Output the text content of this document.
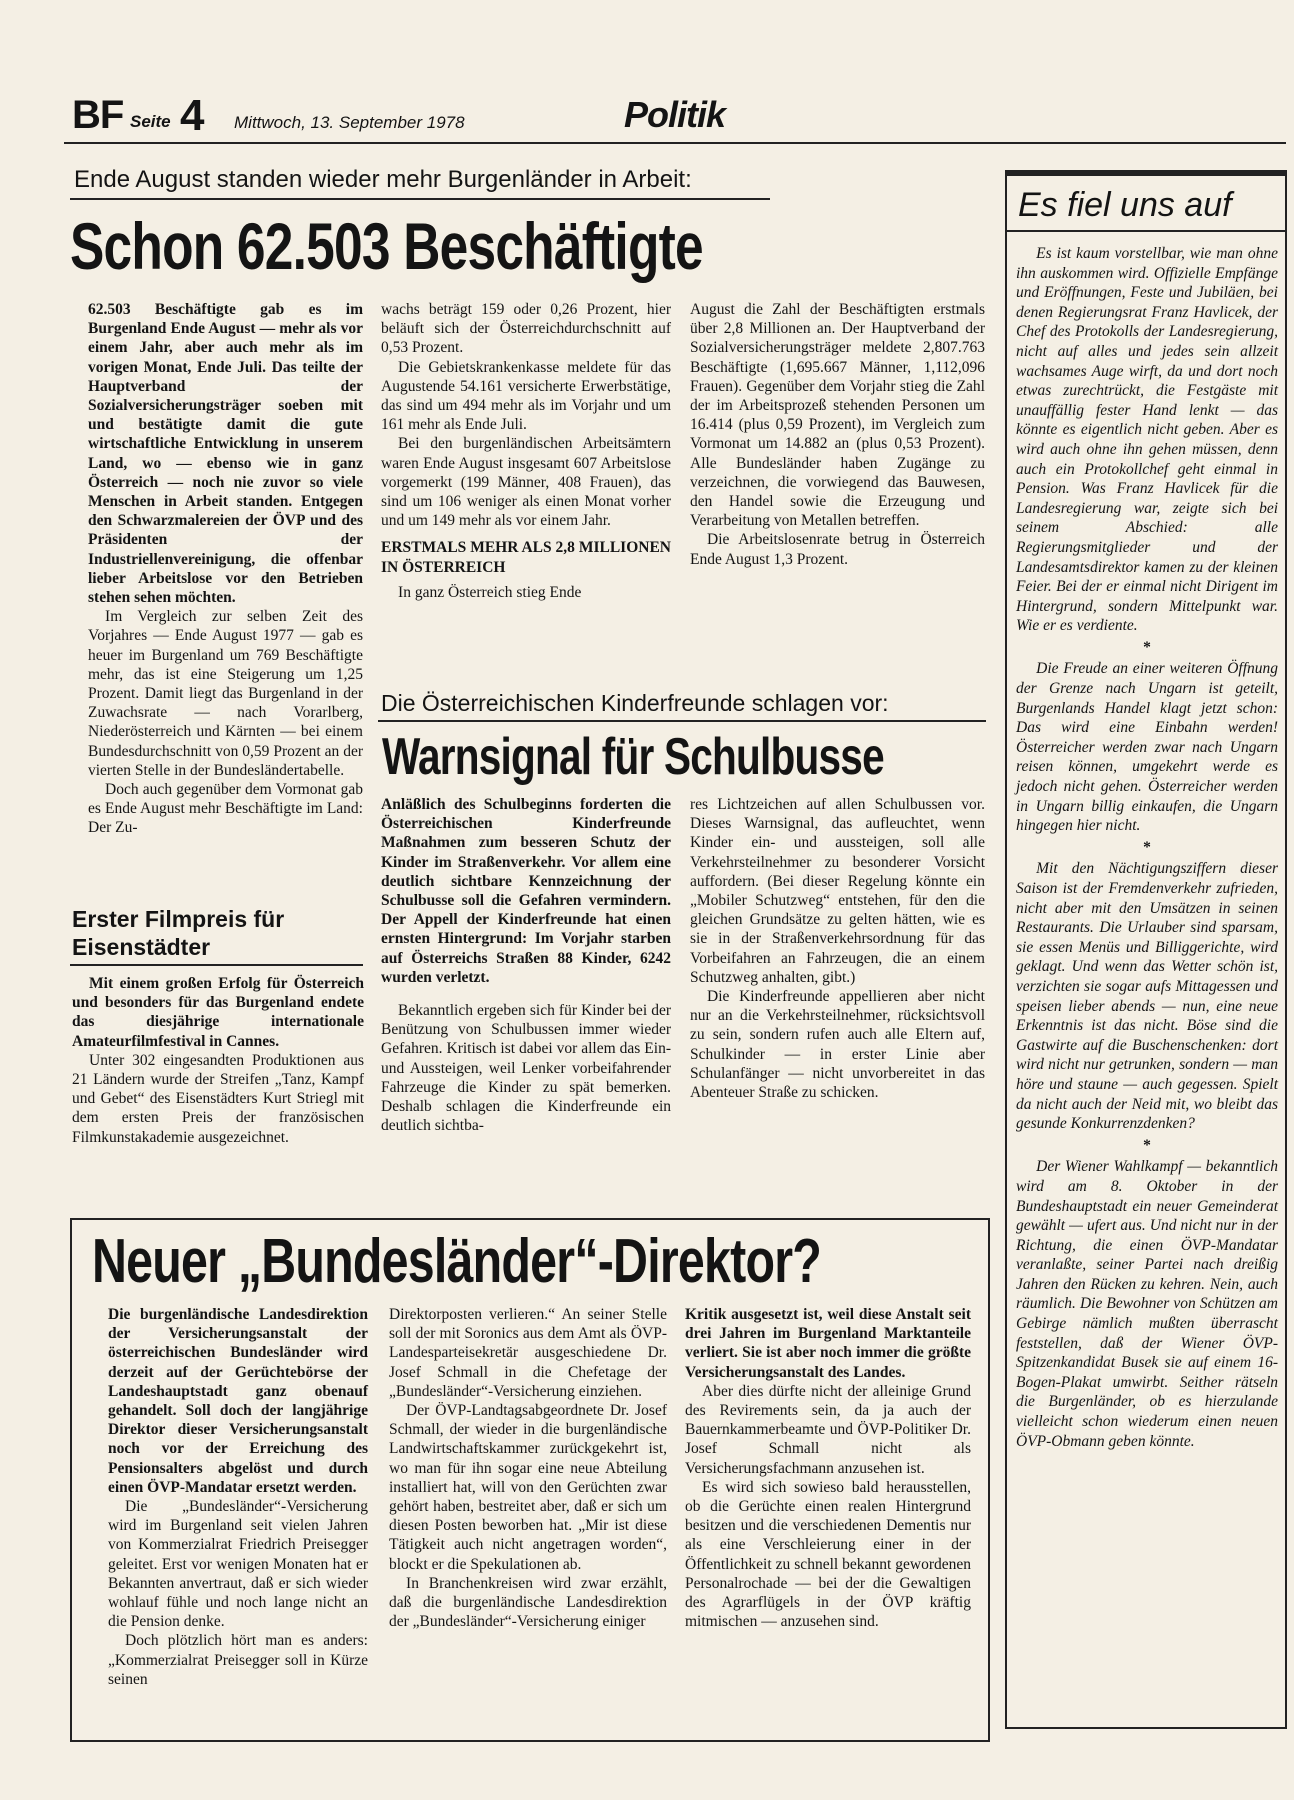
BF Seite 4 Mittwoch, 13. September 1978	Politik
Ende August standen wieder mehr Burgenländer in Arbeit:
Schon 62.503 Beschäftigte

62.503 Beschäftigte gab es im Burgenland Ende August — mehr als vor einem Jahr, aber auch mehr als im vorigen Monat, Ende Juli. Das teilte der Hauptverband der Sozialversicherungsträger soeben mit und bestätigte damit die gute wirtschaftliche Entwicklung in unserem Land, wo — ebenso wie in ganz Österreich — noch nie zuvor so viele Menschen in Arbeit standen. Entgegen den Schwarzmalereien der ÖVP und des Präsidenten der Industriellenvereinigung, die offenbar lieber Arbeitslose vor den Betrieben stehen sehen möchten.

Im Vergleich zur selben Zeit des Vorjahres — Ende August 1977 — gab es heuer im Burgenland um 769 Beschäftigte mehr, das ist eine Steigerung um 1,25 Prozent. Damit liegt das Burgenland in der Zuwachsrate — nach Vorarlberg, Niederösterreich und Kärnten — bei einem Bundesdurchschnitt von 0,59 Prozent an der vierten Stelle in der Bundesländertabelle.

Doch auch gegenüber dem Vormonat gab es Ende August mehr Beschäftigte im Land: Der Zu-

wachs beträgt 159 oder 0,26 Prozent, hier beläuft sich der Österreichdurchschnitt auf 0,53 Prozent.

Die Gebietskrankenkasse meldete für das Augustende 54.161 versicherte Erwerbstätige, das sind um 494 mehr als im Vorjahr und um 161 mehr als Ende Juli.

Bei den burgenländischen Arbeitsämtern waren Ende August insgesamt 607 Arbeitslose vorgemerkt (199 Männer, 408 Frauen), das sind um 106 weniger als einen Monat vorher und um 149 mehr als vor einem Jahr.

ERSTMALS MEHR ALS 2,8 MILLIONEN IN ÖSTERREICH

In ganz Österreich stieg Ende

August die Zahl der Beschäftigten erstmals über 2,8 Millionen an. Der Hauptverband der Sozialversicherungsträger meldete 2,807.763 Beschäftigte (1,695.667 Männer, 1,112,096 Frauen). Gegenüber dem Vorjahr stieg die Zahl der im Arbeitsprozeß stehenden Personen um 16.414 (plus 0,59 Prozent), im Vergleich zum Vormonat um 14.882 an (plus 0,53 Prozent). Alle Bundesländer haben Zugänge zu verzeichnen, die vorwiegend das Bauwesen, den Handel sowie die Erzeugung und Verarbeitung von Metallen betreffen.

Die Arbeitslosenrate betrug in Österreich Ende August 1,3 Prozent.

Erster Filmpreis für Eisenstädter

Mit einem großen Erfolg für Österreich und besonders für das Burgenland endete das diesjährige internationale Amateurfilmfestival in Cannes.

Unter 302 eingesandten Produktionen aus 21 Ländern wurde der Streifen „Tanz, Kampf und Gebet“ des Eisenstädters Kurt Striegl mit dem ersten Preis der französischen Filmkunstakademie ausgezeichnet.

Die Österreichischen Kinderfreunde schlagen vor:
Warnsignal für Schulbusse

Anläßlich des Schulbeginns forderten die Österreichischen Kinderfreunde Maßnahmen zum besseren Schutz der Kinder im Straßenverkehr. Vor allem eine deutlich sichtbare Kennzeichnung der Schulbusse soll die Gefahren vermindern. Der Appell der Kinderfreunde hat einen ernsten Hintergrund: Im Vorjahr starben auf Österreichs Straßen 88 Kinder, 6242 wurden verletzt.

Bekanntlich ergeben sich für Kinder bei der Benützung von Schulbussen immer wieder Gefahren. Kritisch ist dabei vor allem das Ein- und Aussteigen, weil Lenker vorbeifahrender Fahrzeuge die Kinder zu spät bemerken. Deshalb schlagen die Kinderfreunde ein deutlich sichtba-

res Lichtzeichen auf allen Schulbussen vor. Dieses Warnsignal, das aufleuchtet, wenn Kinder ein- und aussteigen, soll alle Verkehrsteilnehmer zu besonderer Vorsicht auffordern. (Bei dieser Regelung könnte ein „Mobiler Schutzweg“ entstehen, für den die gleichen Grundsätze zu gelten hätten, wie es sie in der Straßenverkehrsordnung für das Vorbeifahren an Fahrzeugen, die an einem Schutzweg anhalten, gibt.)

Die Kinderfreunde appellieren aber nicht nur an die Verkehrsteilnehmer, rücksichtsvoll zu sein, sondern rufen auch alle Eltern auf, Schulkinder — in erster Linie aber Schulanfänger — nicht unvorbereitet in das Abenteuer Straße zu schicken.

Neuer „Bundesländer“-Direktor?

Die burgenländische Landesdirektion der Versicherungsanstalt der österreichischen Bundesländer wird derzeit auf der Gerüchtebörse der Landeshauptstadt ganz obenauf gehandelt. Soll doch der langjährige Direktor dieser Versicherungsanstalt noch vor der Erreichung des Pensionsalters abgelöst und durch einen ÖVP-Mandatar ersetzt werden.

Die „Bundesländer“-Versicherung wird im Burgenland seit vielen Jahren von Kommerzialrat Friedrich Preisegger geleitet. Erst vor wenigen Monaten hat er Bekannten anvertraut, daß er sich wieder wohlauf fühle und noch lange nicht an die Pension denke.

Doch plötzlich hört man es anders: „Kommerzialrat Preisegger soll in Kürze seinen

Direktorposten verlieren.“ An seiner Stelle soll der mit Soronics aus dem Amt als ÖVP-Landesparteisekretär ausgeschiedene Dr. Josef Schmall in die Chefetage der „Bundesländer“-Versicherung einziehen.

Der ÖVP-Landtagsabgeordnete Dr. Josef Schmall, der wieder in die burgenländische Landwirtschaftskammer zurückgekehrt ist, wo man für ihn sogar eine neue Abteilung installiert hat, will von den Gerüchten zwar gehört haben, bestreitet aber, daß er sich um diesen Posten beworben hat. „Mir ist diese Tätigkeit auch nicht angetragen worden“, blockt er die Spekulationen ab.

In Branchenkreisen wird zwar erzählt, daß die burgenländische Landesdirektion der „Bundesländer“-Versicherung einiger

Kritik ausgesetzt ist, weil diese Anstalt seit drei Jahren im Burgenland Marktanteile verliert. Sie ist aber noch immer die größte Versicherungsanstalt des Landes.

Aber dies dürfte nicht der alleinige Grund des Revirements sein, da ja auch der Bauernkammerbeamte und ÖVP-Politiker Dr. Josef Schmall nicht als Versicherungsfachmann anzusehen ist.

Es wird sich sowieso bald herausstellen, ob die Gerüchte einen realen Hintergrund besitzen und die verschiedenen Dementis nur als eine Verschleierung einer in der Öffentlichkeit zu schnell bekannt gewordenen Personalrochade — bei der die Gewaltigen des Agrarflügels in der ÖVP kräftig mitmischen — anzusehen sind.

Es fiel uns auf

Es ist kaum vorstellbar, wie man ohne ihn auskommen wird. Offizielle Empfänge und Eröffnungen, Feste und Jubiläen, bei denen Regierungsrat Franz Havlicek, der Chef des Protokolls der Landesregierung, nicht auf alles und jedes sein allzeit wachsames Auge wirft, da und dort noch etwas zurechtrückt, die Festgäste mit unauffällig fester Hand lenkt — das könnte es eigentlich nicht geben. Aber es wird auch ohne ihn gehen müssen, denn auch ein Protokollchef geht einmal in Pension. Was Franz Havlicek für die Landesregierung war, zeigte sich bei seinem Abschied: alle Regierungsmitglieder und der Landesamtsdirektor kamen zu der kleinen Feier. Bei der er einmal nicht Dirigent im Hintergrund, sondern Mittelpunkt war. Wie er es verdiente.

*

Die Freude an einer weiteren Öffnung der Grenze nach Ungarn ist geteilt, Burgenlands Handel klagt jetzt schon: Das wird eine Einbahn werden! Österreicher werden zwar nach Ungarn reisen können, umgekehrt werde es jedoch nicht gehen. Österreicher werden in Ungarn billig einkaufen, die Ungarn hingegen hier nicht.

*

Mit den Nächtigungsziffern dieser Saison ist der Fremdenverkehr zufrieden, nicht aber mit den Umsätzen in seinen Restaurants. Die Urlauber sind sparsam, sie essen Menüs und Billiggerichte, wird geklagt. Und wenn das Wetter schön ist, verzichten sie sogar aufs Mittagessen und speisen lieber abends — nun, eine neue Erkenntnis ist das nicht. Böse sind die Gastwirte auf die Buschenschenken: dort wird nicht nur getrunken, sondern — man höre und staune — auch gegessen. Spielt da nicht auch der Neid mit, wo bleibt das gesunde Konkurrenzdenken?

*

Der Wiener Wahlkampf — bekanntlich wird am 8. Oktober in der Bundeshauptstadt ein neuer Gemeinderat gewählt — ufert aus. Und nicht nur in der Richtung, die einen ÖVP-Mandatar veranlaßte, seiner Partei nach dreißig Jahren den Rücken zu kehren. Nein, auch räumlich. Die Bewohner von Schützen am Gebirge nämlich mußten überrascht feststellen, daß der Wiener ÖVP-Spitzenkandidat Busek sie auf einem 16-Bogen-Plakat umwirbt. Seither rätseln die Burgenländer, ob es hierzulande vielleicht schon wiederum einen neuen ÖVP-Obmann geben könnte.
